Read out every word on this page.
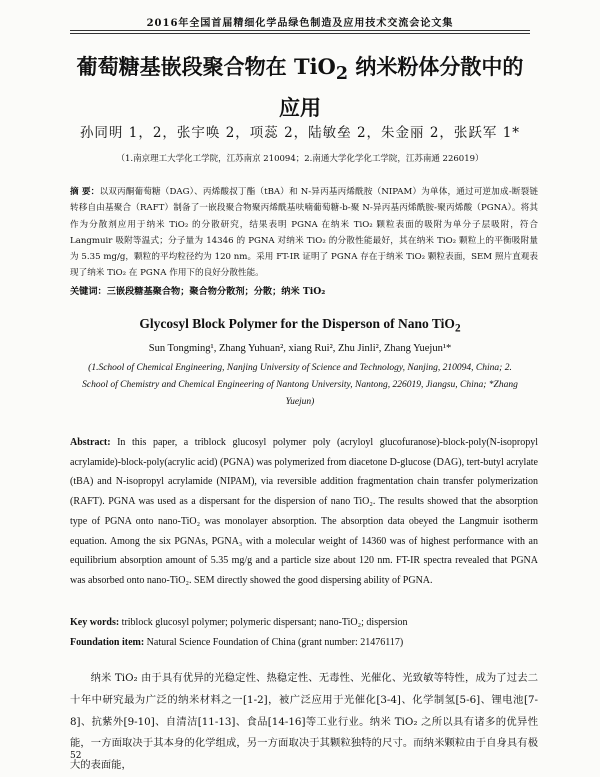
2016年全国首届精细化学品绿色制造及应用技术交流会论文集
葡萄糖基嵌段聚合物在 TiO$_2$ 纳米粉体分散中的
应用
孙同明 1，2，张宇唤 2，项蕊 2，陆敏垒 2，朱金丽 2，张跃军 1*
（1.南京理工大学化工学院，江苏南京 210094；2.南通大学化学化工学院，江苏南通 226019）
摘 要：以双丙酮葡萄糖（DAG）、丙烯酸叔丁酯（tBA）和 N-异丙基丙烯酰胺（NIPAM）为单体，通过可逆加成-断裂链转移自由基聚合（RAFT）制备了一嵌段聚合物聚丙烯酰基呋喃葡萄糖-b-聚 N-异丙基丙烯酰胺-聚丙烯酸（PGNA）。将其作为分散剂应用于纳米 TiO₂ 的分散研究，结果表明 PGNA 在纳米 TiO₂ 颗粒表面的吸附为单分子层吸附，符合 Langmuir 吸附等温式；分子量为 14346 的 PGNA 对纳米 TiO₂ 的分散性能最好，其在纳米 TiO₂ 颗粒上的平衡吸附量为 5.35 mg/g，颗粒的平均粒径约为 120 nm。采用 FT-IR 证明了 PGNA 存在于纳米 TiO₂ 颗粒表面，SEM 照片直观表现了纳米 TiO₂ 在 PGNA 作用下的良好分散性能。
关键词：三嵌段糖基聚合物；聚合物分散剂；分散；纳米 TiO₂
Glycosyl Block Polymer for the Disperson of Nano TiO$_2$
Sun Tongming¹, Zhang Yuhuan², xiang Rui², Zhu Jinli², Zhang Yuejun¹*
(1.School of Chemical Engineering, Nanjing University of Science and Technology, Nanjing, 210094, China; 2. School of Chemistry and Chemical Engineering of Nantong University, Nantong, 226019, Jiangsu, China; *Zhang Yuejun)
Abstract: In this paper, a triblock glucosyl polymer poly (acryloyl glucofuranose)-block-poly(N-isopropyl acrylamide)-block-poly(acrylic acid) (PGNA) was polymerized from diacetone D-glucose (DAG), tert-butyl acrylate (tBA) and N-isopropyl acrylamide (NIPAM), via reversible addition fragmentation chain transfer polymerization (RAFT). PGNA was used as a dispersant for the dispersion of nano TiO₂. The results showed that the absorption type of PGNA onto nano-TiO₂ was monolayer absorption. The absorption data obeyed the Langmuir isotherm equation. Among the six PGNAs, PGNA₃ with a molecular weight of 14360 was of highest performance with an equilibrium absorption amount of 5.35 mg/g and a particle size about 120 nm. FT-IR spectra revealed that PGNA was absorbed onto nano-TiO₂. SEM directly showed the good dispersing ability of PGNA.
Key words: triblock glucosyl polymer; polymeric dispersant; nano-TiO₂; dispersion
Foundation item: Natural Science Foundation of China (grant number: 21476117)

纳米 TiO₂ 由于具有优异的光稳定性、热稳定性、无毒性、光催化、光致敏等特性，成为了过去二十年中研究最为广泛的纳米材料之一[1-2]，被广泛应用于光催化[3-4]、化学制氢[5-6]、锂电池[7-8]、抗紫外[9-10]、自清洁[11-13]、食品[14-16]等工业行业。纳米 TiO₂ 之所以具有诸多的优异性能，一方面取决于其本身的化学组成，另一方面取决于其颗粒独特的尺寸。而纳米颗粒由于自身具有极大的表面能，

52
